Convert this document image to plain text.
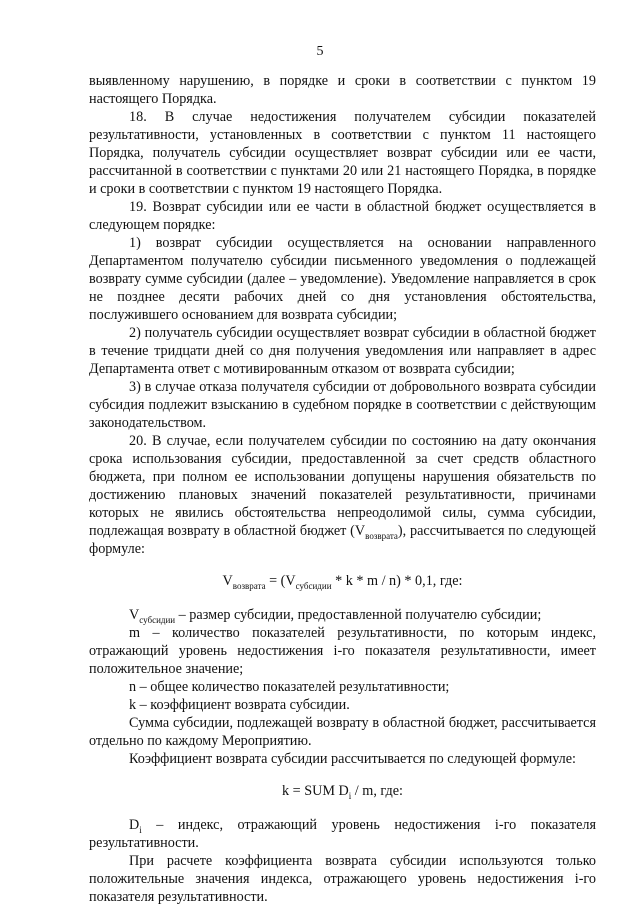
5

выявленному нарушению, в порядке и сроки в соответствии с пунктом 19 настоящего Порядка.

18. В случае недостижения получателем субсидии показателей результативности, установленных в соответствии с пунктом 11 настоящего Порядка, получатель субсидии осуществляет возврат субсидии или ее части, рассчитанной в соответствии с пунктами 20 или 21 настоящего Порядка, в порядке и сроки в соответствии с пунктом 19 настоящего Порядка.

19. Возврат субсидии или ее части в областной бюджет осуществляется в следующем порядке:

1) возврат субсидии осуществляется на основании направленного Департаментом получателю субсидии письменного уведомления о подлежащей возврату сумме субсидии (далее – уведомление). Уведомление направляется в срок не позднее десяти рабочих дней со дня установления обстоятельства, послужившего основанием для возврата субсидии;

2) получатель субсидии осуществляет возврат субсидии в областной бюджет в течение тридцати дней со дня получения уведомления или направляет в адрес Департамента ответ с мотивированным отказом от возврата субсидии;

3) в случае отказа получателя субсидии от добровольного возврата субсидии субсидия подлежит взысканию в судебном порядке в соответствии с действующим законодательством.

20. В случае, если получателем субсидии по состоянию на дату окончания срока использования субсидии, предоставленной за счет средств областного бюджета, при полном ее использовании допущены нарушения обязательств по достижению плановых значений показателей результативности, причинами которых не явились обстоятельства непреодолимой силы, сумма субсидии, подлежащая возврату в областной бюджет $(V_{возврата})$, рассчитывается по следующей формуле:

$V_{возврата} = (V_{субсидии} * k * m / n) * 0,1$, где:

$V_{субсидии}$ – размер субсидии, предоставленной получателю субсидии;

m – количество показателей результативности, по которым индекс, отражающий уровень недостижения i-го показателя результативности, имеет положительное значение;

n – общее количество показателей результативности;

k – коэффициент возврата субсидии.

Сумма субсидии, подлежащей возврату в областной бюджет, рассчитывается отдельно по каждому Мероприятию.

Коэффициент возврата субсидии рассчитывается по следующей формуле:

k = SUM $D_i$ / m, где:

$D_i$ – индекс, отражающий уровень недостижения i-го показателя результативности.

При расчете коэффициента возврата субсидии используются только положительные значения индекса, отражающего уровень недостижения i-го показателя результативности.
